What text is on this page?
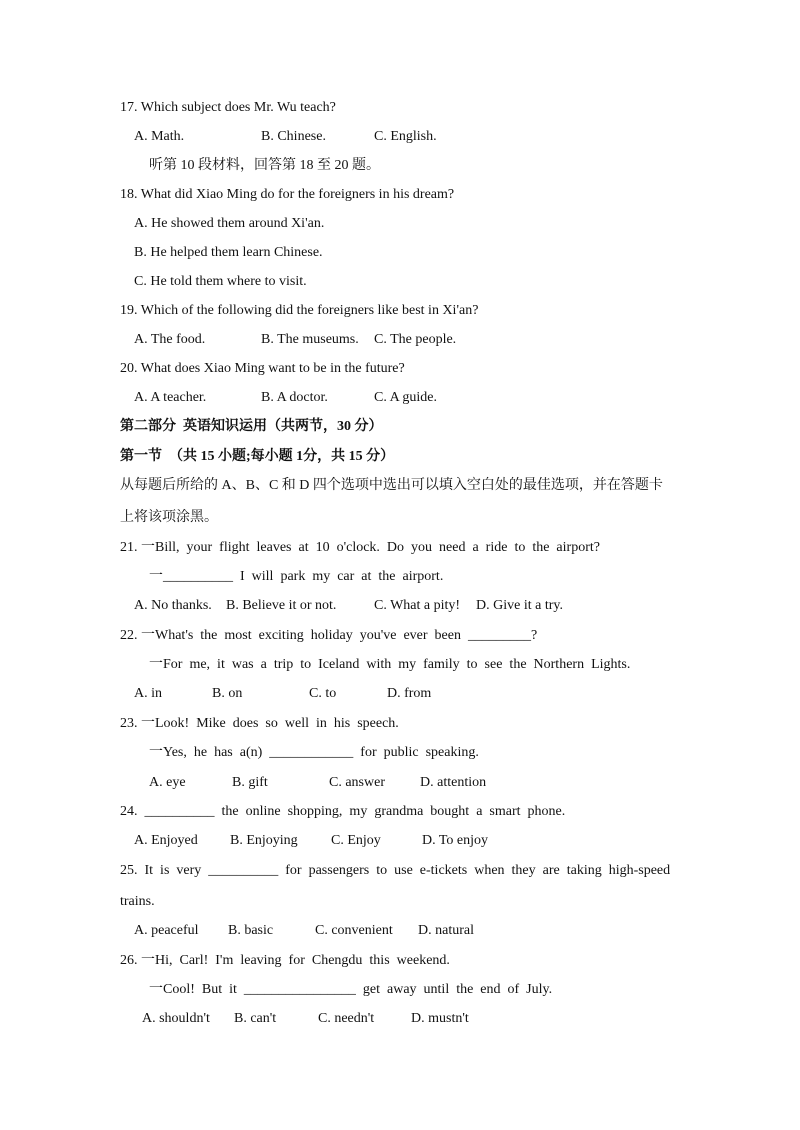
17. Which subject does Mr. Wu teach?
A. Math.	B. Chinese.	C. English.
听第 10 段材料，回答第 18 至 20 题。
18. What did Xiao Ming do for the foreigners in his dream?
A. He showed them around Xi'an.
B. He helped them learn Chinese.
C. He told them where to visit.
19. Which of the following did the foreigners like best in Xi'an?
A. The food.	B. The museums. C. The people.
20. What does Xiao Ming want to be in the future?
A. A teacher.	B. A doctor.	C. A guide.
第二部分  英语知识运用（共两节，30 分）
第一节  （共 15 小题;每小题 1分，共 15 分）
从每题后所给的 A、B、C 和 D 四个选项中选出可以填入空白处的最佳选项，并在答题卡
上将该项涂黑。
21. 一Bill,  your  flight  leaves  at  10  o'clock.  Do  you  need  a  ride  to  the  airport?
一__________  I  will  park  my  car  at  the  airport.
A. No thanks. B. Believe it or not.	C. What a pity! D. Give it a try.
22. 一What's  the  most  exciting  holiday  you've  ever  been  _________?
一For  me,  it  was  a  trip  to  Iceland  with  my  family  to  see  the  Northern  Lights.
A. in	B. on	C. to	D. from
23. 一Look!  Mike  does  so  well  in  his  speech.
一Yes,  he  has  a(n)  ____________  for  public  speaking.
A. eye	B. gift	C. answer	D. attention
24.  __________  the  online  shopping,  my  grandma  bought  a  smart  phone.
A. Enjoyed B. Enjoying C. Enjoy	D. To enjoy
25.  It  is  very  __________  for  passengers  to  use  e-tickets  when  they  are  taking  high-speed
trains.
A. peaceful B. basic	C. convenient D. natural
26. 一Hi,  Carl!  I'm  leaving  for  Chengdu  this  weekend.
一Cool!  But  it  ________________  get  away  until  the  end  of  July.
A. shouldn't B. can't	C. needn't	D. mustn't
